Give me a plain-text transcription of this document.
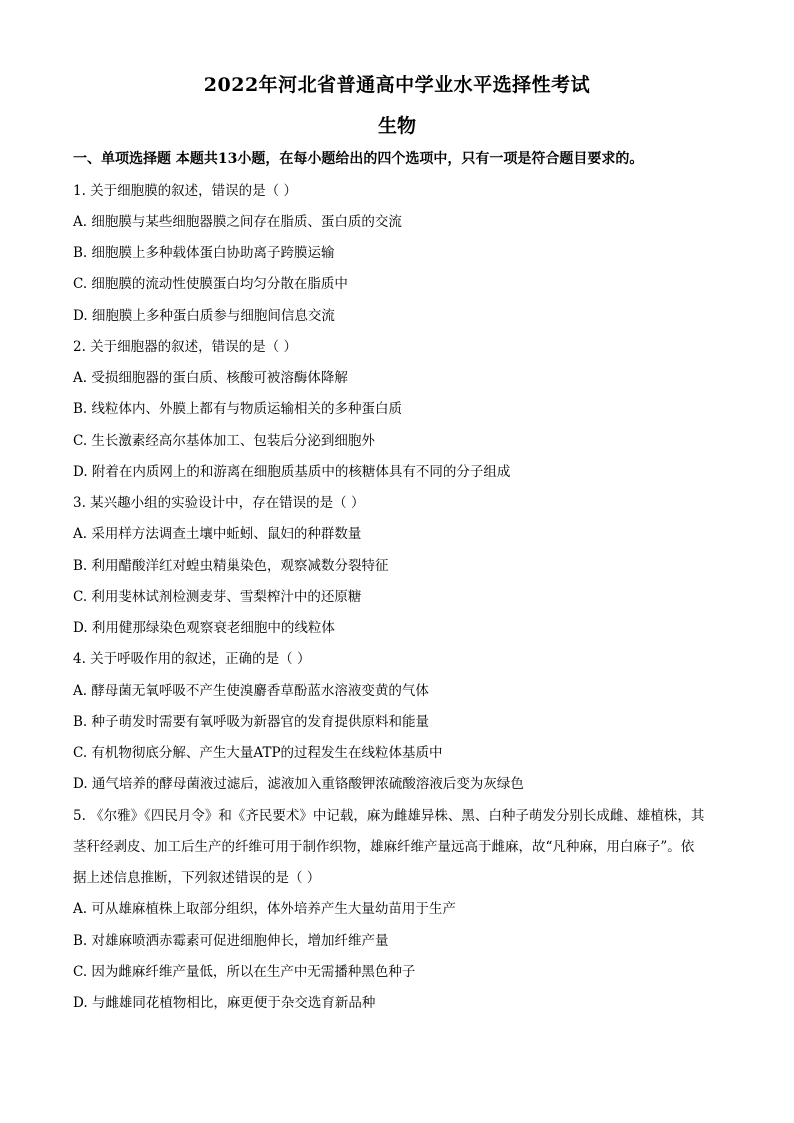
2022年河北省普通高中学业水平选择性考试
生物

一、单项选择题 本题共13小题，在每小题给出的四个选项中，只有一项是符合题目要求的。

1. 关于细胞膜的叙述，错误的是（ ）

A. 细胞膜与某些细胞器膜之间存在脂质、蛋白质的交流

B. 细胞膜上多种载体蛋白协助离子跨膜运输

C. 细胞膜的流动性使膜蛋白均匀分散在脂质中

D. 细胞膜上多种蛋白质参与细胞间信息交流

2. 关于细胞器的叙述，错误的是（ ）

A. 受损细胞器的蛋白质、核酸可被溶酶体降解

B. 线粒体内、外膜上都有与物质运输相关的多种蛋白质

C. 生长激素经高尔基体加工、包装后分泌到细胞外

D. 附着在内质网上的和游离在细胞质基质中的核糖体具有不同的分子组成

3. 某兴趣小组的实验设计中，存在错误的是（ ）

A. 采用样方法调查土壤中蚯蚓、鼠妇的种群数量

B. 利用醋酸洋红对蝗虫精巢染色，观察减数分裂特征

C. 利用斐林试剂检测麦芽、雪梨榨汁中的还原糖

D. 利用健那绿染色观察衰老细胞中的线粒体

4. 关于呼吸作用的叙述，正确的是（ ）

A. 酵母菌无氧呼吸不产生使溴麝香草酚蓝水溶液变黄的气体

B. 种子萌发时需要有氧呼吸为新器官的发育提供原料和能量

C. 有机物彻底分解、产生大量ATP的过程发生在线粒体基质中

D. 通气培养的酵母菌液过滤后，滤液加入重铬酸钾浓硫酸溶液后变为灰绿色

5. 《尔雅》《四民月令》和《齐民要术》中记载，麻为雌雄异株、黑、白种子萌发分别长成雌、雄植株，其

茎秆经剥皮、加工后生产的纤维可用于制作织物，雄麻纤维产量远高于雌麻，故“凡种麻，用白麻子”。依

据上述信息推断，下列叙述错误的是（ ）

A. 可从雄麻植株上取部分组织，体外培养产生大量幼苗用于生产

B. 对雄麻喷洒赤霉素可促进细胞伸长，增加纤维产量

C. 因为雌麻纤维产量低，所以在生产中无需播种黑色种子

D. 与雌雄同花植物相比，麻更便于杂交选育新品种
